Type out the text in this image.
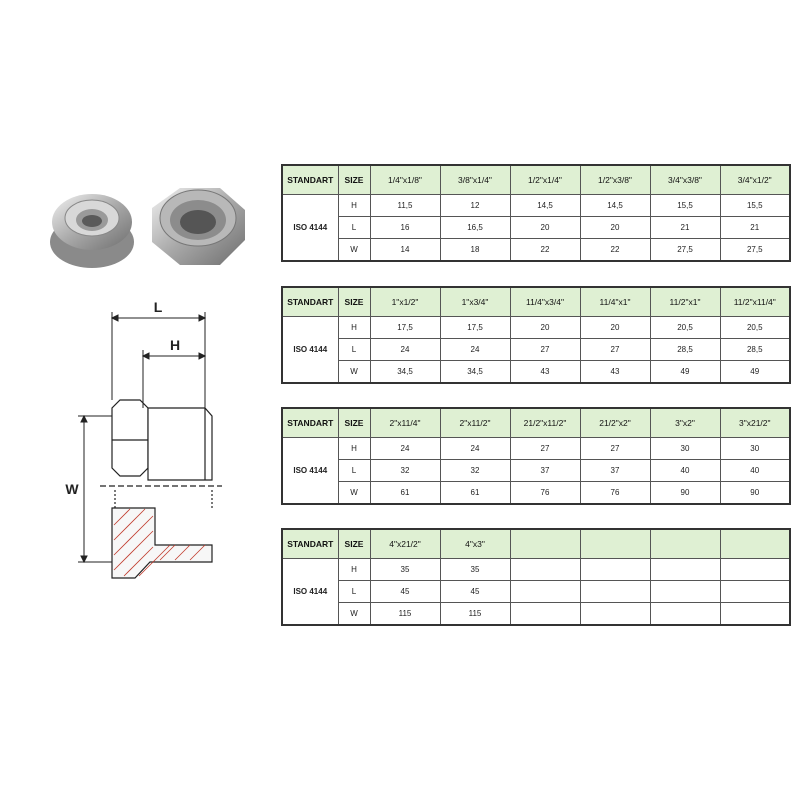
L
H
W
STANDART	SIZE	1/4"x1/8"	3/8"x1/4"	1/2"x1/4"	1/2"x3/8"	3/4"x3/8"	3/4"x1/2"
ISO 4144	H	11,5	12	14,5	14,5	15,5	15,5
	L	16	16,5	20	20	21	21
	W	14	18	22	22	27,5	27,5
STANDART	SIZE	1"x1/2"	1"x3/4"	11/4"x3/4"	11/4"x1"	11/2"x1"	11/2"x11/4"
ISO 4144	H	17,5	17,5	20	20	20,5	20,5
	L	24	24	27	27	28,5	28,5
	W	34,5	34,5	43	43	49	49
STANDART	SIZE	2"x11/4"	2"x11/2"	21/2"x11/2"	21/2"x2"	3"x2"	3"x21/2"
ISO 4144	H	24	24	27	27	30	30
	L	32	32	37	37	40	40
	W	61	61	76	76	90	90
STANDART	SIZE	4"x21/2"	4"x3"				
ISO 4144	H	35	35				
	L	45	45				
	W	115	115				
